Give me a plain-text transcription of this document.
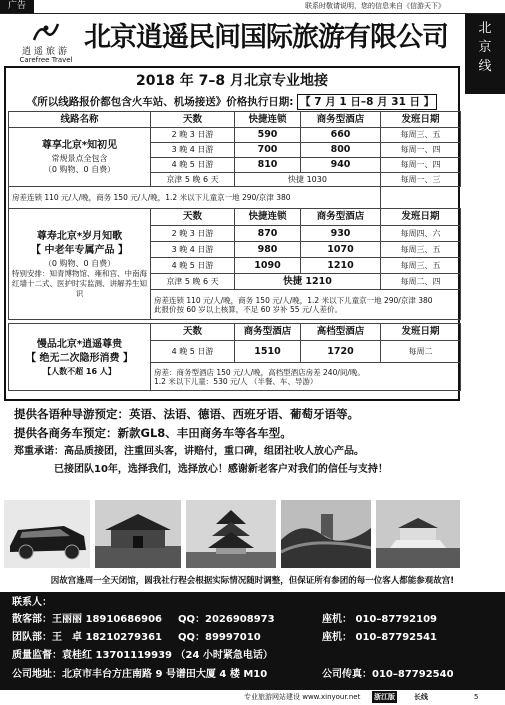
广告	联系时敬请说明，您的信息来自《信游天下》
北
京
线
逍遥旅游
Carefree Travel
北京逍遥民间国际旅游有限公司
2018 年 7–8 月北京专业地接
《所以线路报价都包含火车站、机场接送》价格执行日期: 【 7 月 1 日–8 月 31 日 】
线路名称	天数	快捷连锁	商务型酒店	发班日期

尊享北京*知初见
常规景点全包含
（0 购物、0 自费）	2 晚 3 日游	590	660	每周三、五
	3 晚 4 日游	700	800	每周一、四
	4 晚 5 日游	810	940	每周一、四
	京津 5 晚 6 天	快捷 1030		每周一、三
房差连锁 110 元/人/晚，商务 150 元/人/晚，1.2 米以下儿童京一地 290/京津 380				
尊寿北京*岁月知歌
【 中老年专属产品 】
（0 购物、0 自费）
特别安排：知青博物馆、雍和宫、中南海红墙十二式、医护时实监测、讲解养生知识	天数	快捷连锁	商务型酒店	发班日期
	2 晚 3 日游	870	930	每周四、六
	3 晚 4 日游	980	1070	每周三、五
	4 晚 5 日游	1090	1210	每周三、五
	京津 5 晚 6 天	快捷 1210		每周二、四

	房差连锁 110 元/人/晚，商务 150 元/人/晚，1.2 米以下儿童京一地 290/京津 380
此报价按 60 岁以上核算，不足 60 岁补 55 元/人差价。			
慢品北京*逍遥尊贵
【 绝无二次隐形消费 】
【人数不超 16 人】	天数	商务型酒店	高档型酒店	发班日期
	4 晚 5 日游	1510	1720	每周二

	房差：商务型酒店 150 元/人/晚，高档型酒店房差 240/间/晚。
1.2 米以下儿童：530 元/人 （半餐、车、导游）			
提供各语种导游预定：英语、法语、德语、西班牙语、葡萄牙语等。
提供各商务车预定：新款GL8、丰田商务车等各车型。
郑重承诺：高品质接团，注重回头客，讲赔付，重口碑，组团社收人放心产品。
已接团队10年，选择我们，选择放心！感谢新老客户对我们的信任与支持！
因故宫逢周一全天闭馆，圆我社行程会根据实际情况随时调整，但保证所有参团的每一位客人都能参观故宫!
联系人：
散客部：王丽丽 18910686906 QQ：2026908973	座机： 010–87792109
团队部：王　卓 18210279361 QQ：89997010	座机： 010–87792541
质量监督：袁桂红 13701119939 （24 小时紧急电话）
公司地址：北京市丰台方庄南路 9 号谱田大厦 4 楼 M10	公司传真：010–87792540
专业旅游网站建设 www.xinyour.net 浙江版	长线	5
